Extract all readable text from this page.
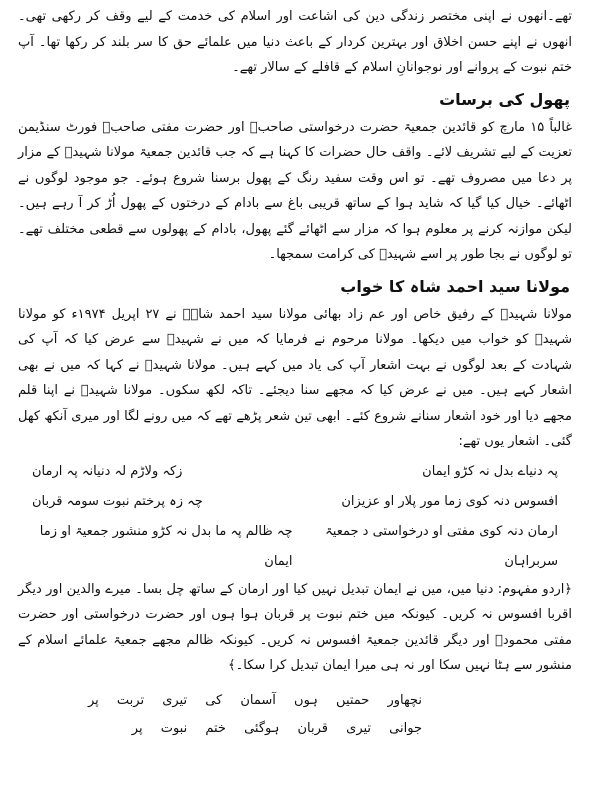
تھے۔انھوں نے اپنی مختصر زندگی دین کی اشاعت اور اسلام کی خدمت کے لیے وقف کر رکھی تھی۔ انھوں نے اپنے حسن اخلاق اور بہترین کردار کے باعث دنیا میں علمائے حق کا سر بلند کر رکھا تھا۔ آپ ختم نبوت کے پروانے اور نوجوانانِ اسلام کے قافلے کے سالار تھے۔

پھول کی برسات

غالباً ۱۵ مارچ کو قائدین جمعیۃ حضرت درخواستی صاحبؒ اور حضرت مفتی صاحبؒ فورٹ سنڈیمن تعزیت کے لیے تشریف لائے۔ واقف حال حضرات کا کہنا ہے کہ جب قائدین جمعیۃ مولانا شہیدؒ کے مزار پر دعا میں مصروف تھے۔ تو اس وقت سفید رنگ کے پھول برسنا شروع ہوئے۔ جو موجود لوگوں نے اٹھائے۔ خیال کیا گیا کہ شاید ہوا کے ساتھ قریبی باغ سے بادام کے درختوں کے پھول اُڑ کر آ رہے ہیں۔ لیکن موازنہ کرنے پر معلوم ہوا کہ مزار سے اٹھائے گئے پھول، بادام کے پھولوں سے قطعی مختلف تھے۔ تو لوگوں نے بجا طور پر اسے شہیدؒ کی کرامت سمجھا۔

مولانا سید احمد شاہ کا خواب

مولانا شہیدؒ کے رفیق خاص اور عم زاد بھائی مولانا سید احمد شاہؒ نے ۲۷ اپریل ۱۹۷۴ء کو مولانا شہیدؒ کو خواب میں دیکھا۔ مولانا مرحوم نے فرمایا کہ میں نے شہیدؒ سے عرض کیا کہ آپ کی شہادت کے بعد لوگوں نے بہت اشعار آپ کی یاد میں کہے ہیں۔ مولانا شہیدؒ نے کہا کہ میں نے بھی اشعار کہے ہیں۔ میں نے عرض کیا کہ مجھے سنا دیجئے۔ تاکہ لکھ سکوں۔ مولانا شہیدؒ نے اپنا قلم مجھے دیا اور خود اشعار سنانے شروع کئے۔ ابھی تین شعر پڑھے تھے کہ میں رونے لگا اور میری آنکھ کھل گئی۔ اشعار یوں تھے:

پہ دنیاے بدل نہ کڑو ایمان
زکہ ولاڑم لہ دنیانہ پہ ارمان
افسوس دنہ کوی زما مور پلار او عزیزان
چہ زہ پرختم نبوت سومہ قربان
ارمان دنہ کوی مفتی او درخواستی د جمعیۃ سربراہان
چہ ظالم پہ ما بدل نہ کڑو منشور جمعیۃ او زما ایمان

﴿اردو مفہوم: دنیا میں، میں نے ایمان تبدیل نہیں کیا اور ارمان کے ساتھ چل بسا۔ میرے والدین اور دیگر اقربا افسوس نہ کریں۔ کیونکہ میں ختم نبوت پر قربان ہوا ہوں اور حضرت درخواستی اور حضرت مفتی محمودؒ اور دیگر قائدین جمعیۃ افسوس نہ کریں۔ کیونکہ ظالم مجھے جمعیۃ علمائے اسلام کے منشور سے ہٹا نہیں سکا اور نہ ہی میرا ایمان تبدیل کرا سکا۔﴾

نچھاور حمتیں ہوں آسمان کی تیری تربت پر
جوانی تیری قربان ہوگئی ختم نبوت پر
